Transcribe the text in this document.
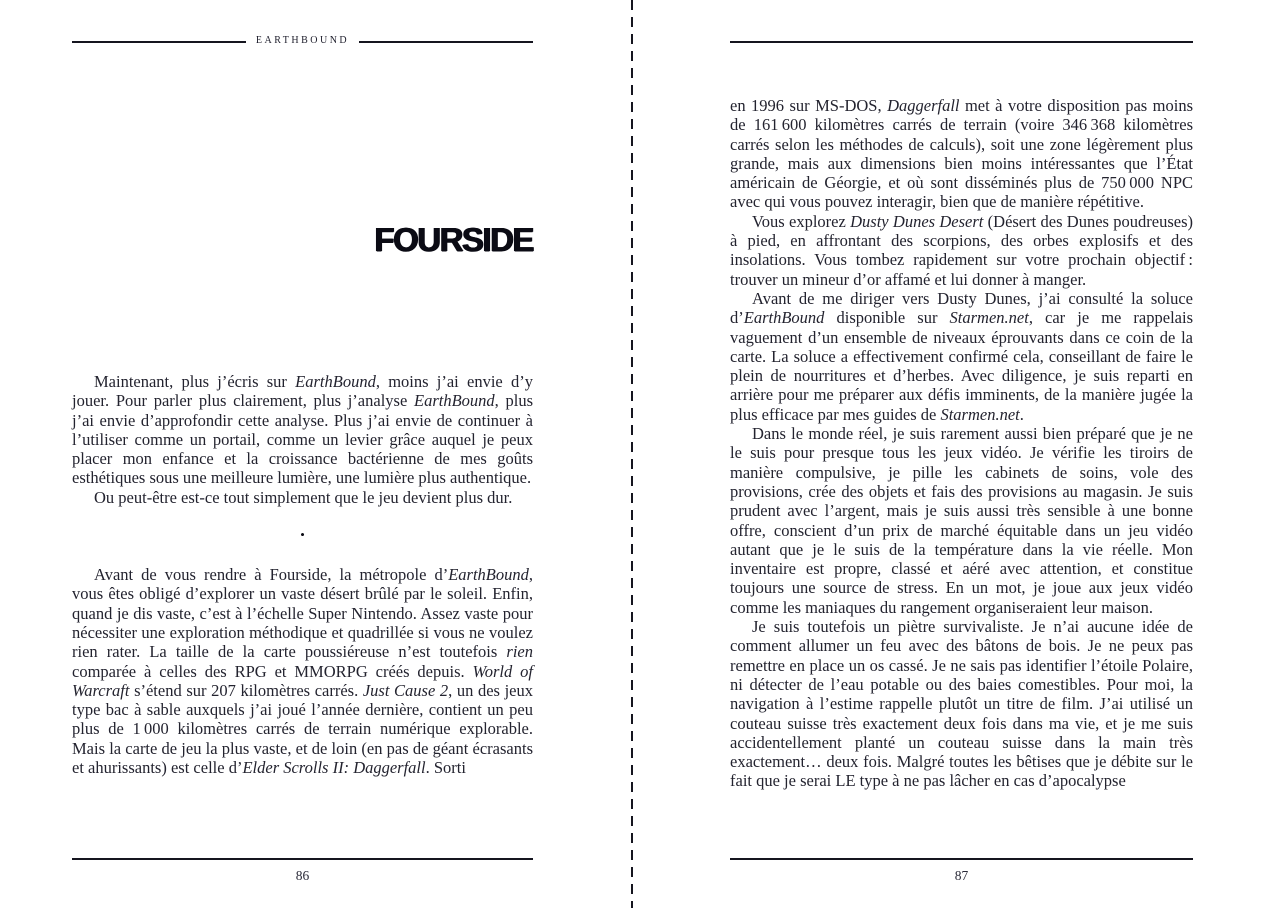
EARTHBOUND
FOURSIDE

Maintenant, plus j’écris sur EarthBound, moins j’ai envie d’y jouer. Pour parler plus clairement, plus j’analyse EarthBound, plus j’ai envie d’approfondir cette analyse. Plus j’ai envie de continuer à l’utiliser comme un portail, comme un levier grâce auquel je peux placer mon enfance et la croissance bactérienne de mes goûts esthétiques sous une meilleure lumière, une lumière plus authentique.

Ou peut-être est-ce tout simplement que le jeu devient plus dur.

•

Avant de vous rendre à Fourside, la métropole d’EarthBound, vous êtes obligé d’explorer un vaste désert brûlé par le soleil. Enfin, quand je dis vaste, c’est à l’échelle Super Nintendo. Assez vaste pour nécessiter une exploration méthodique et quadrillée si vous ne voulez rien rater. La taille de la carte poussiéreuse n’est toutefois rien comparée à celles des RPG et MMORPG créés depuis. World of Warcraft s’étend sur 207 kilomètres carrés. Just Cause 2, un des jeux type bac à sable auxquels j’ai joué l’année dernière, contient un peu plus de 1 000 kilomètres carrés de terrain numérique explorable. Mais la carte de jeu la plus vaste, et de loin (en pas de géant écrasants et ahurissants) est celle d’Elder Scrolls II: Daggerfall. Sorti

86

en 1996 sur MS-DOS, Daggerfall met à votre disposition pas moins de 161 600 kilomètres carrés de terrain (voire 346 368 kilomètres carrés selon les méthodes de calculs), soit une zone légèrement plus grande, mais aux dimensions bien moins intéressantes que l’État américain de Géorgie, et où sont disséminés plus de 750 000 NPC avec qui vous pouvez interagir, bien que de manière répétitive.

Vous explorez Dusty Dunes Desert (Désert des Dunes poudreuses) à pied, en affrontant des scorpions, des orbes explosifs et des insolations. Vous tombez rapidement sur votre prochain objectif : trouver un mineur d’or affamé et lui donner à manger.

Avant de me diriger vers Dusty Dunes, j’ai consulté la soluce d’EarthBound disponible sur Starmen.net, car je me rappelais vaguement d’un ensemble de niveaux éprouvants dans ce coin de la carte. La soluce a effectivement confirmé cela, conseillant de faire le plein de nourritures et d’herbes. Avec diligence, je suis reparti en arrière pour me préparer aux défis imminents, de la manière jugée la plus efficace par mes guides de Starmen.net.

Dans le monde réel, je suis rarement aussi bien préparé que je ne le suis pour presque tous les jeux vidéo. Je vérifie les tiroirs de manière compulsive, je pille les cabinets de soins, vole des provisions, crée des objets et fais des provisions au magasin. Je suis prudent avec l’argent, mais je suis aussi très sensible à une bonne offre, conscient d’un prix de marché équitable dans un jeu vidéo autant que je le suis de la température dans la vie réelle. Mon inventaire est propre, classé et aéré avec attention, et constitue toujours une source de stress. En un mot, je joue aux jeux vidéo comme les maniaques du rangement organiseraient leur maison.

Je suis toutefois un piètre survivaliste. Je n’ai aucune idée de comment allumer un feu avec des bâtons de bois. Je ne peux pas remettre en place un os cassé. Je ne sais pas identifier l’étoile Polaire, ni détecter de l’eau potable ou des baies comestibles. Pour moi, la navigation à l’estime rappelle plutôt un titre de film. J’ai utilisé un couteau suisse très exactement deux fois dans ma vie, et je me suis accidentellement planté un couteau suisse dans la main très exactement… deux fois. Malgré toutes les bêtises que je débite sur le fait que je serai LE type à ne pas lâcher en cas d’apocalypse

87
